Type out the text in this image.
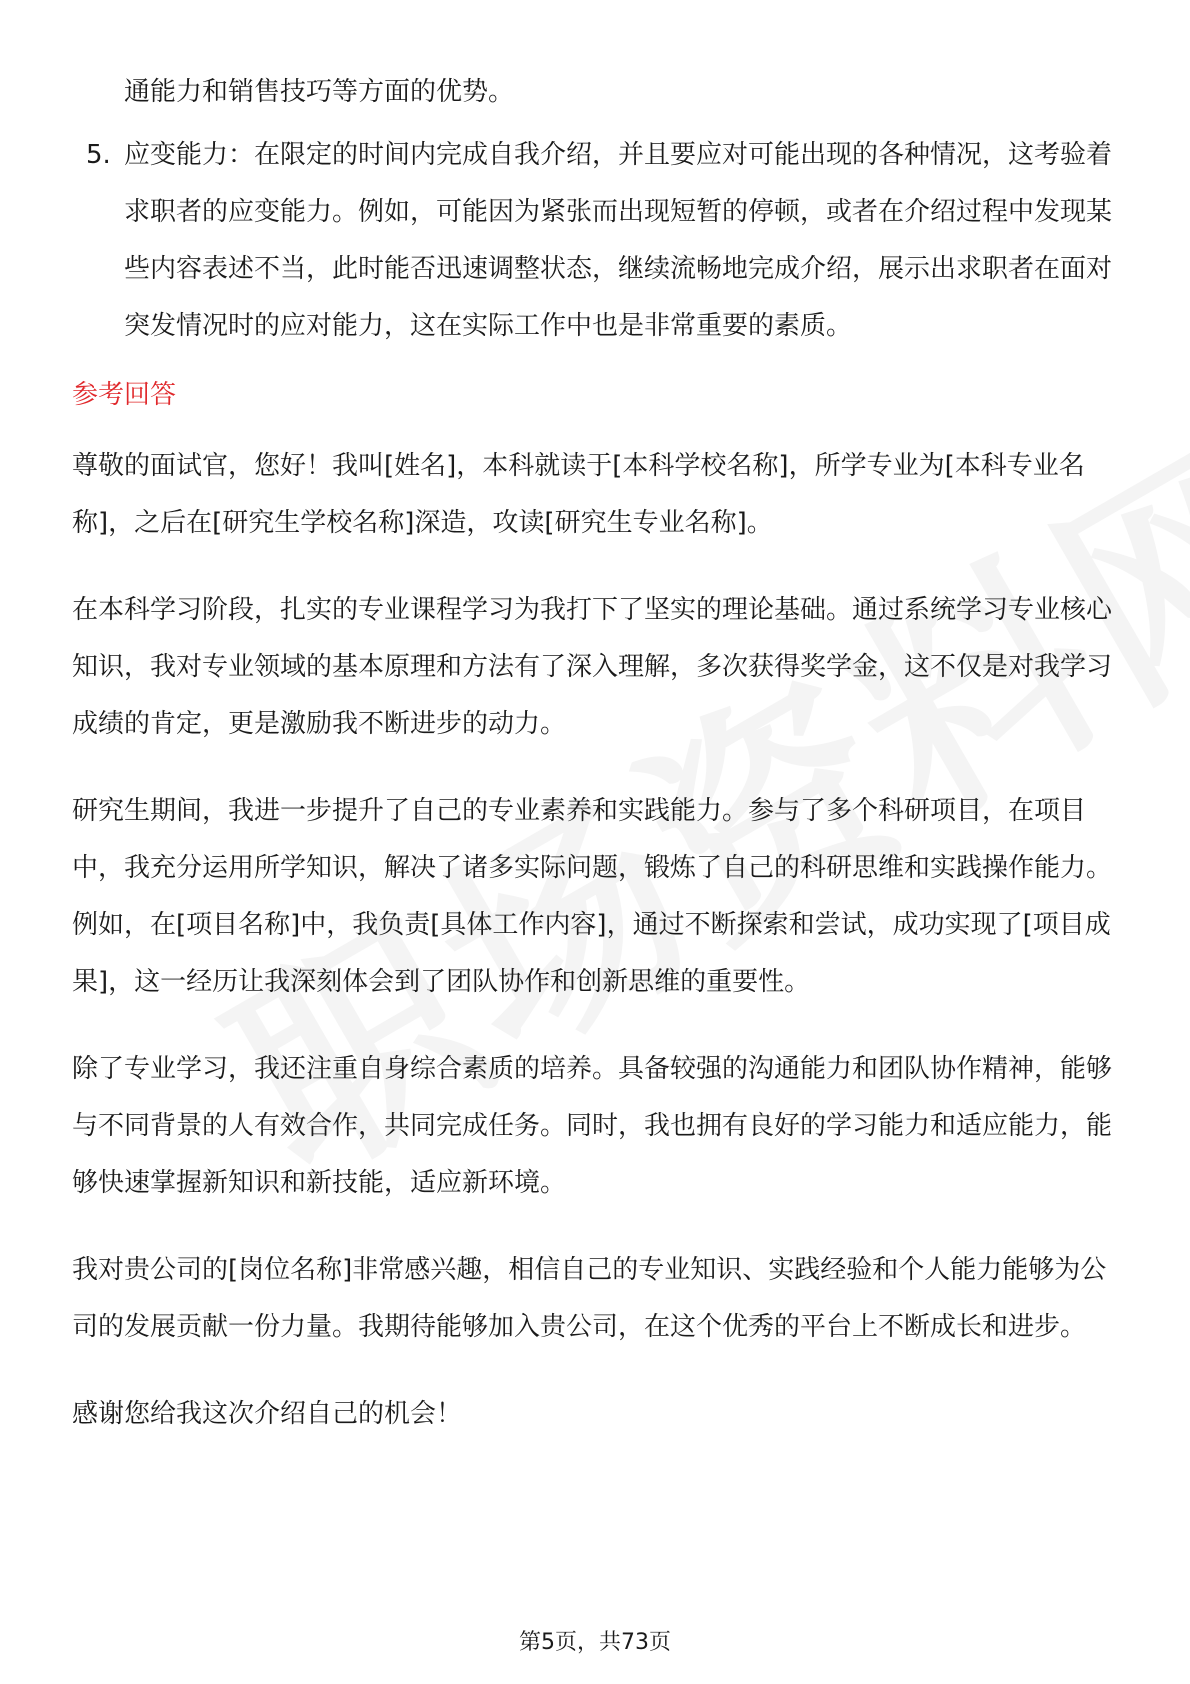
通能力和销售技巧等方面的优势。

5. 应变能力：在限定的时间内完成自我介绍，并且要应对可能出现的各种情况，这考验着求职者的应变能力。例如，可能因为紧张而出现短暂的停顿，或者在介绍过程中发现某些内容表述不当，此时能否迅速调整状态，继续流畅地完成介绍，展示出求职者在面对突发情况时的应对能力，这在实际工作中也是非常重要的素质。
参考回答

尊敬的面试官，您好！我叫[姓名]，本科就读于[本科学校名称]，所学专业为[本科专业名称]，之后在[研究生学校名称]深造，攻读[研究生专业名称]。

在本科学习阶段，扎实的专业课程学习为我打下了坚实的理论基础。通过系统学习专业核心知识，我对专业领域的基本原理和方法有了深入理解，多次获得奖学金，这不仅是对我学习成绩的肯定，更是激励我不断进步的动力。

研究生期间，我进一步提升了自己的专业素养和实践能力。参与了多个科研项目，在项目中，我充分运用所学知识，解决了诸多实际问题，锻炼了自己的科研思维和实践操作能力。例如，在[项目名称]中，我负责[具体工作内容]，通过不断探索和尝试，成功实现了[项目成果]，这一经历让我深刻体会到了团队协作和创新思维的重要性。

除了专业学习，我还注重自身综合素质的培养。具备较强的沟通能力和团队协作精神，能够与不同背景的人有效合作，共同完成任务。同时，我也拥有良好的学习能力和适应能力，能够快速掌握新知识和新技能，适应新环境。

我对贵公司的[岗位名称]非常感兴趣，相信自己的专业知识、实践经验和个人能力能够为公司的发展贡献一份力量。我期待能够加入贵公司，在这个优秀的平台上不断成长和进步。

感谢您给我这次介绍自己的机会！

第5页，共73页
